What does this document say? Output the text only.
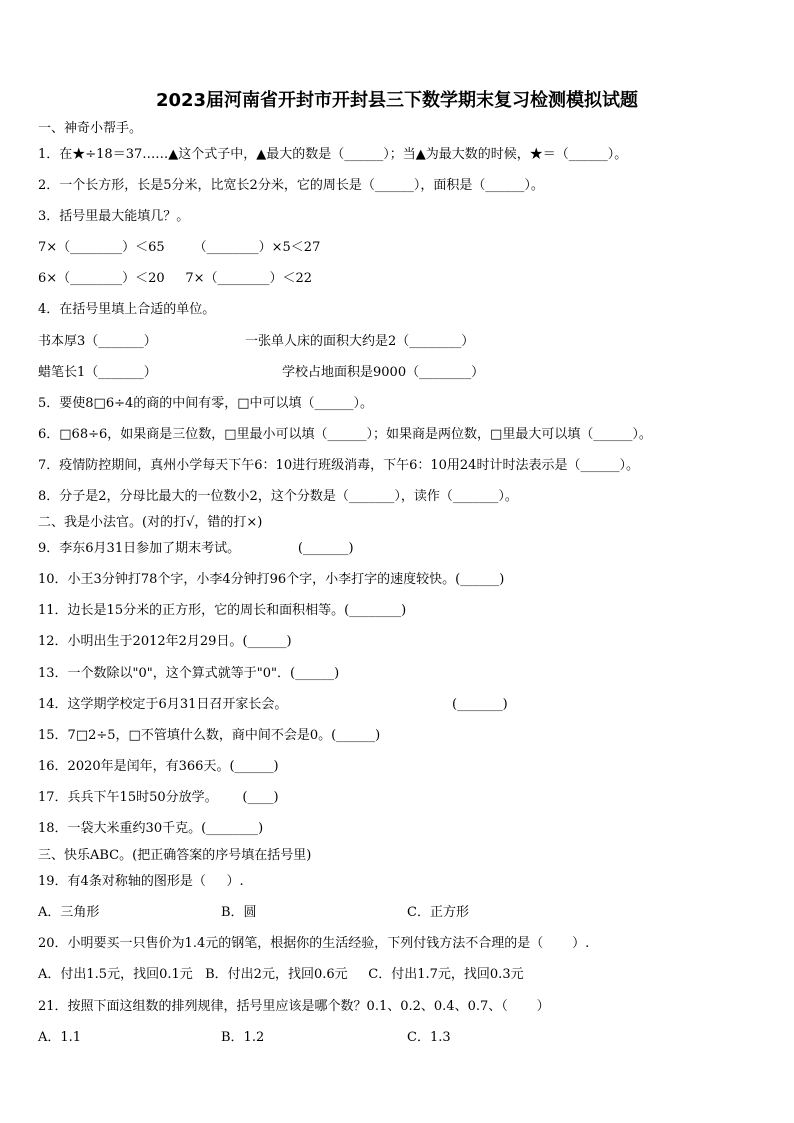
2023届河南省开封市开封县三下数学期末复习检测模拟试题
一、神奇小帮手。
1．在★÷18＝37……▲这个式子中，▲最大的数是（______）；当▲为最大数的时候，★＝（______）。
2．一个长方形，长是5分米，比宽长2分米，它的周长是（______），面积是（______）。
3．括号里最大能填几？。
7×（________）＜65       （________）×5＜27
6×（________）＜20     7×（________）＜22
4．在括号里填上合适的单位。
书本厚3（_______）	一张单人床的面积大约是2（________）
蜡笔长1（_______）	学校占地面积是9000（________）
5．要使8□6÷4的商的中间有零，□中可以填（______）。
6．□68÷6，如果商是三位数，□里最小可以填（______）；如果商是两位数，□里最大可以填（______）。
7．疫情防控期间，真州小学每天下午6：10进行班级消毒，下午6：10用24时计时法表示是（______）。
8．分子是2，分母比最大的一位数小2，这个分数是（_______），读作（_______）。
二、我是小法官。(对的打√，错的打×)
9．李东6月31日参加了期末考试。              (_______)
10．小王3分钟打78个字，小李4分钟打96个字，小李打字的速度较快。(______)
11．边长是15分米的正方形，它的周长和面积相等。(________)
12．小明出生于2012年2月29日。(______)
13．一个数除以"0"，这个算式就等于"0"．(______)
14．这学期学校定于6月31日召开家长会。	(_______)
15．7□2÷5，□不管填什么数，商中间不会是0。(______)
16．2020年是闰年，有366天。(______)
17．兵兵下午15时50分放学。      (____)
18．一袋大米重约30千克。(________)
三、快乐ABC。(把正确答案的序号填在括号里)
19．有4条对称轴的图形是（     ）.
A．三角形	B．圆	C．正方形
20．小明要买一只售价为1.4元的钢笔，根据你的生活经验，下列付钱方法不合理的是（       ）.
A．付出1.5元，找回0.1元   B．付出2元，找回0.6元     C．付出1.7元，找回0.3元
21．按照下面这组数的排列规律，括号里应该是哪个数？0.1、0.2、0.4、0.7、（       ）
A．1.1	B．1.2	C．1.3
